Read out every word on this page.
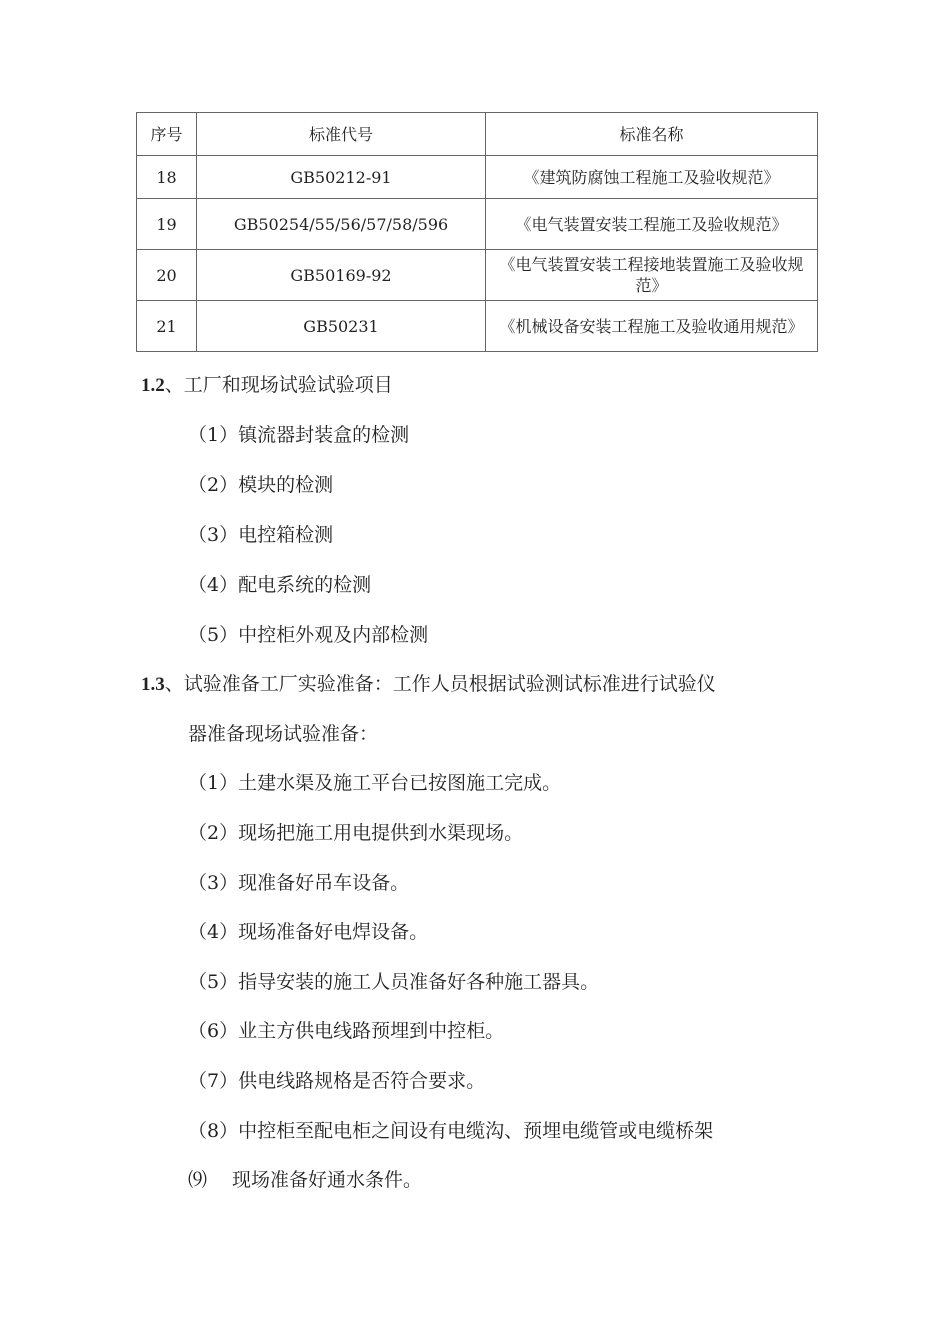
序号	标准代号	标准名称
18	GB50212-91	《建筑防腐蚀工程施工及验收规范》
19	GB50254/55/56/57/58/596	《电气装置安装工程施工及验收规范》
20	GB50169-92	《电气装置安装工程接地装置施工及验收规范》
21	GB50231	《机械设备安装工程施工及验收通用规范》
1.2、工厂和现场试验试验项目
（1）镇流器封装盒的检测
（2）模块的检测
（3）电控箱检测
（4）配电系统的检测
（5）中控柜外观及内部检测
1.3、试验准备工厂实验准备：工作人员根据试验测试标准进行试验仪
器准备现场试验准备：
（1）土建水渠及施工平台已按图施工完成。
（2）现场把施工用电提供到水渠现场。
（3）现准备好吊车设备。
（4）现场准备好电焊设备。
（5）指导安装的施工人员准备好各种施工器具。
（6）业主方供电线路预埋到中控柜。
（7）供电线路规格是否符合要求。
（8）中控柜至配电柜之间设有电缆沟、预埋电缆管或电缆桥架
⑼　 现场准备好通水条件。
